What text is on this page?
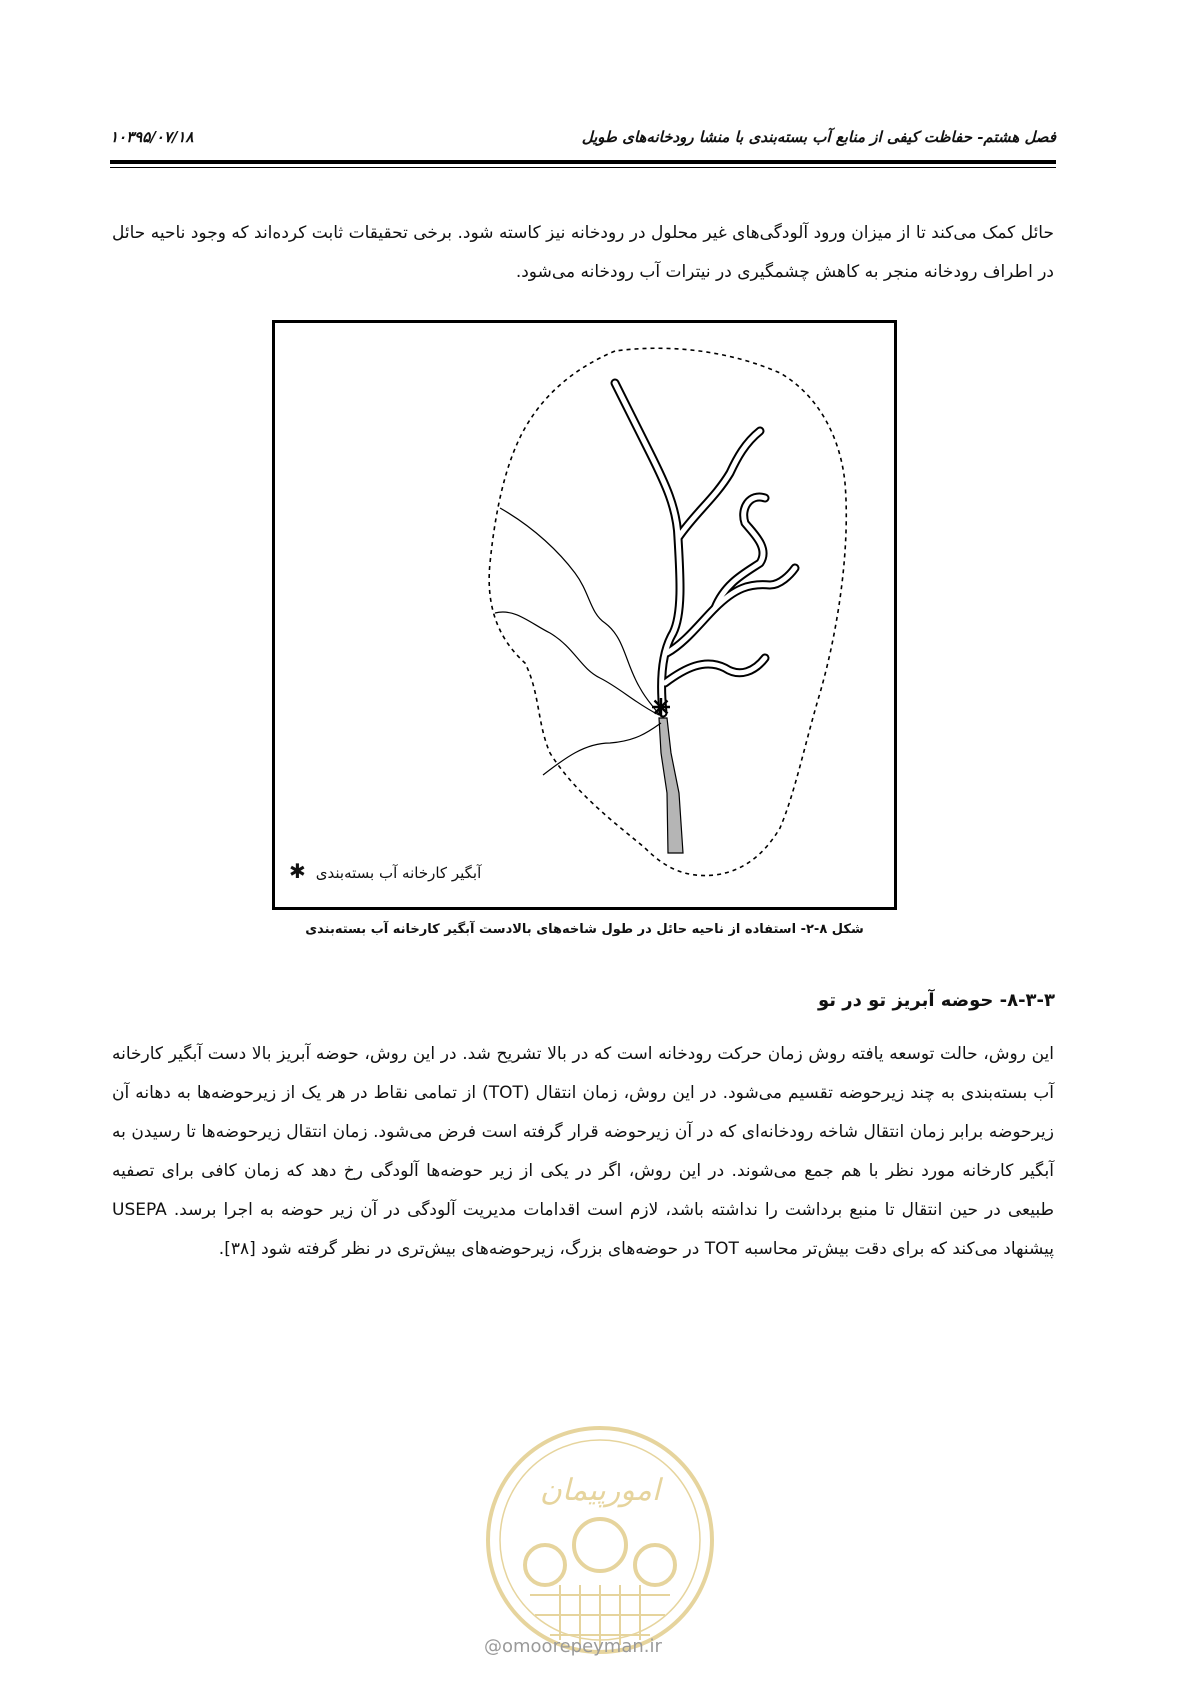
فصل هشتم- حفاظت کیفی از منابع آب بسته‌بندی با منشا رودخانه‌های طویل
۱۰۳۹۵/۰۷/۱۸

حائل کمک می‌کند تا از میزان ورود آلودگی‌های غیر محلول در رودخانه نیز کاسته شود. برخی تحقیقات ثابت کرده‌اند که وجود ناحیه حائل در اطراف رودخانه منجر به کاهش چشمگیری در نیترات آب رودخانه می‌شود.

آبگیر کارخانه آب بسته‌بندی✱
شکل ۸-۲- استفاده از ناحیه حائل در طول شاخه‌های بالادست آبگیر کارخانه آب بسته‌بندی
۸-۳-۳- حوضه آبریز تو در تو

این روش، حالت توسعه یافته روش زمان حرکت رودخانه است که در بالا تشریح شد. در این روش، حوضه آبریز بالا دست آبگیر کارخانه آب بسته‌بندی به چند زیرحوضه تقسیم می‌شود. در این روش، زمان انتقال (TOT) از تمامی نقاط در هر یک از زیرحوضه‌ها به دهانه آن زیرحوضه برابر زمان انتقال شاخه رودخانه‌ای که در آن زیرحوضه قرار گرفته است فرض می‌شود. زمان انتقال زیرحوضه‌ها تا رسیدن به آبگیر کارخانه مورد نظر با هم جمع می‌شوند. در این روش، اگر در یکی از زیر حوضه‌ها آلودگی رخ دهد که زمان کافی برای تصفیه طبیعی در حین انتقال تا منبع برداشت را نداشته باشد، لازم است اقدامات مدیریت آلودگی در آن زیر حوضه به اجرا برسد. USEPA پیشنهاد می‌کند که برای دقت بیش‌تر محاسبه TOT در حوضه‌های بزرگ، زیرحوضه‌های بیش‌تری در نظر گرفته شود [۳۸].

امورپیمان
@omoorepeyman.ir
